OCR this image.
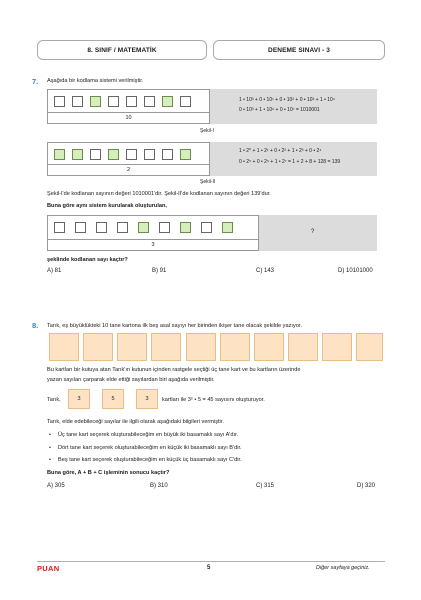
8. SINIF / MATEMATİK	DENEME SINAVI - 3
7. Aşağıda bir kodlama sistemi verilmiştir.
10
1 • 10³ + 0 • 10¹ + 0 • 10² + 0 • 10³ + 1 • 10⁴
0 • 10³ + 1 • 10⁶ + 0 • 10⁷ = 1010001
Şekil-I
2
1 • 2⁰ + 1 • 2¹ + 0 • 2² + 1 • 2³ + 0 • 2⁴
0 • 2⁵ + 0 • 2⁶ + 1 • 2⁷ = 1 + 2 + 8 + 128 = 139
Şekil-II
Şekil-I'de kodlanan sayının değeri 1010001'dir. Şekil-II'de kodlanan sayının değeri 139'dur.
Buna göre aynı sistem kurularak oluşturulan,
3
?
şeklinde kodlanan sayı kaçtır?
A) 81	B) 91	C) 143	D) 10101000
8. Tarık, eş büyüklükteki 10 tane kartona ilk beş asal sayıyı her birinden ikişer tane olacak şekilde yazıyor.
Bu kartları bir kutuya atan Tarık'ın kutunun içinden rastgele seçtiği üç tane kart ve bu kartların üzerinde
yazan sayıları çarparak elde ettiği sayılardan biri aşağıda verilmiştir.
Tarık,	3	5	3	kartları ile 3² • 5 = 45 sayısını oluşturuyor.
Tarık, elde edebileceği sayılar ile ilgili olarak aşağıdaki bilgileri vermiştir.
• Üç tane kart seçerek oluşturabileceğim en büyük iki basamaklı sayı A'dır.
• Dört tane kart seçerek oluşturabileceğim en küçük iki basamaklı sayı B'dir.
• Beş tane kart seçerek oluşturabileceğim en küçük üç basamaklı sayı C'dir.
Buna göre, A + B + C işleminin sonucu kaçtır?
A) 305	B) 310	C) 315	D) 320
PUAN	5	Diğer sayfaya geçiniz.
